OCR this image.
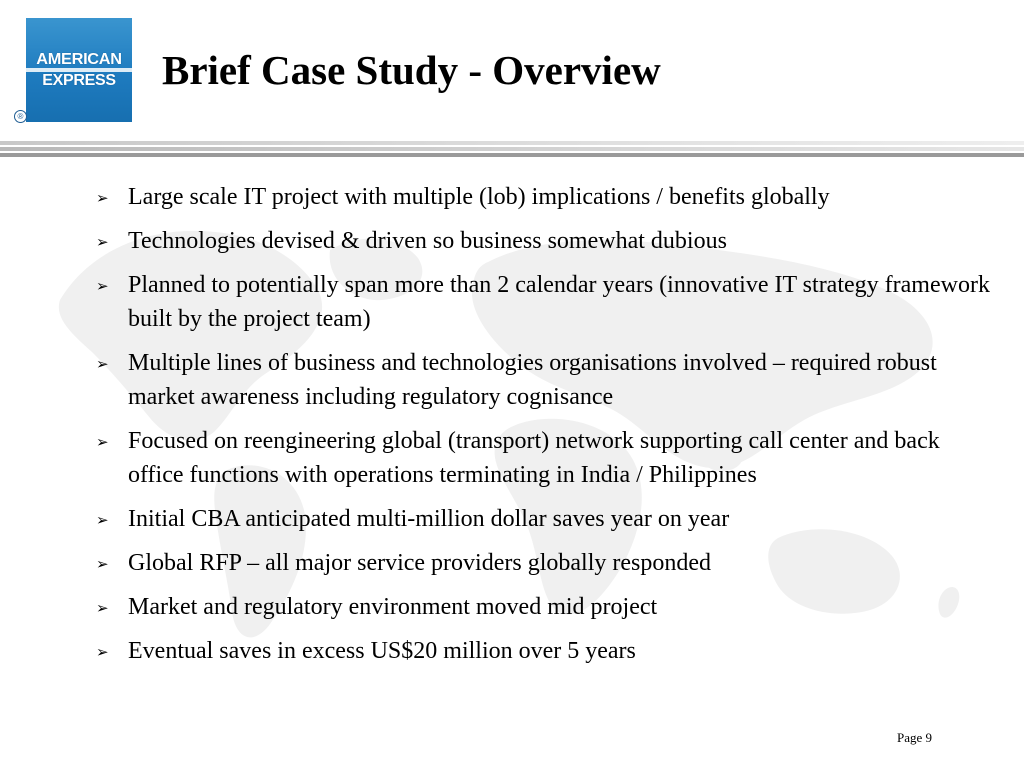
AMERICAN
EXPRESS
®
Brief Case Study - Overview
➢ Large scale IT project with multiple (lob) implications / benefits globally
➢ Technologies devised & driven so business somewhat dubious
➢ Planned to potentially span more than 2 calendar years (innovative IT strategy framework built by the project team)
➢ Multiple lines of business and technologies organisations involved – required robust market awareness including regulatory cognisance
➢ Focused on reengineering global (transport) network supporting call center and back office functions with operations terminating in India / Philippines
➢ Initial CBA anticipated multi-million dollar saves year on year
➢ Global RFP – all major service providers globally responded
➢ Market and regulatory environment moved mid project
➢ Eventual saves in excess US$20 million over 5 years
Page 9
